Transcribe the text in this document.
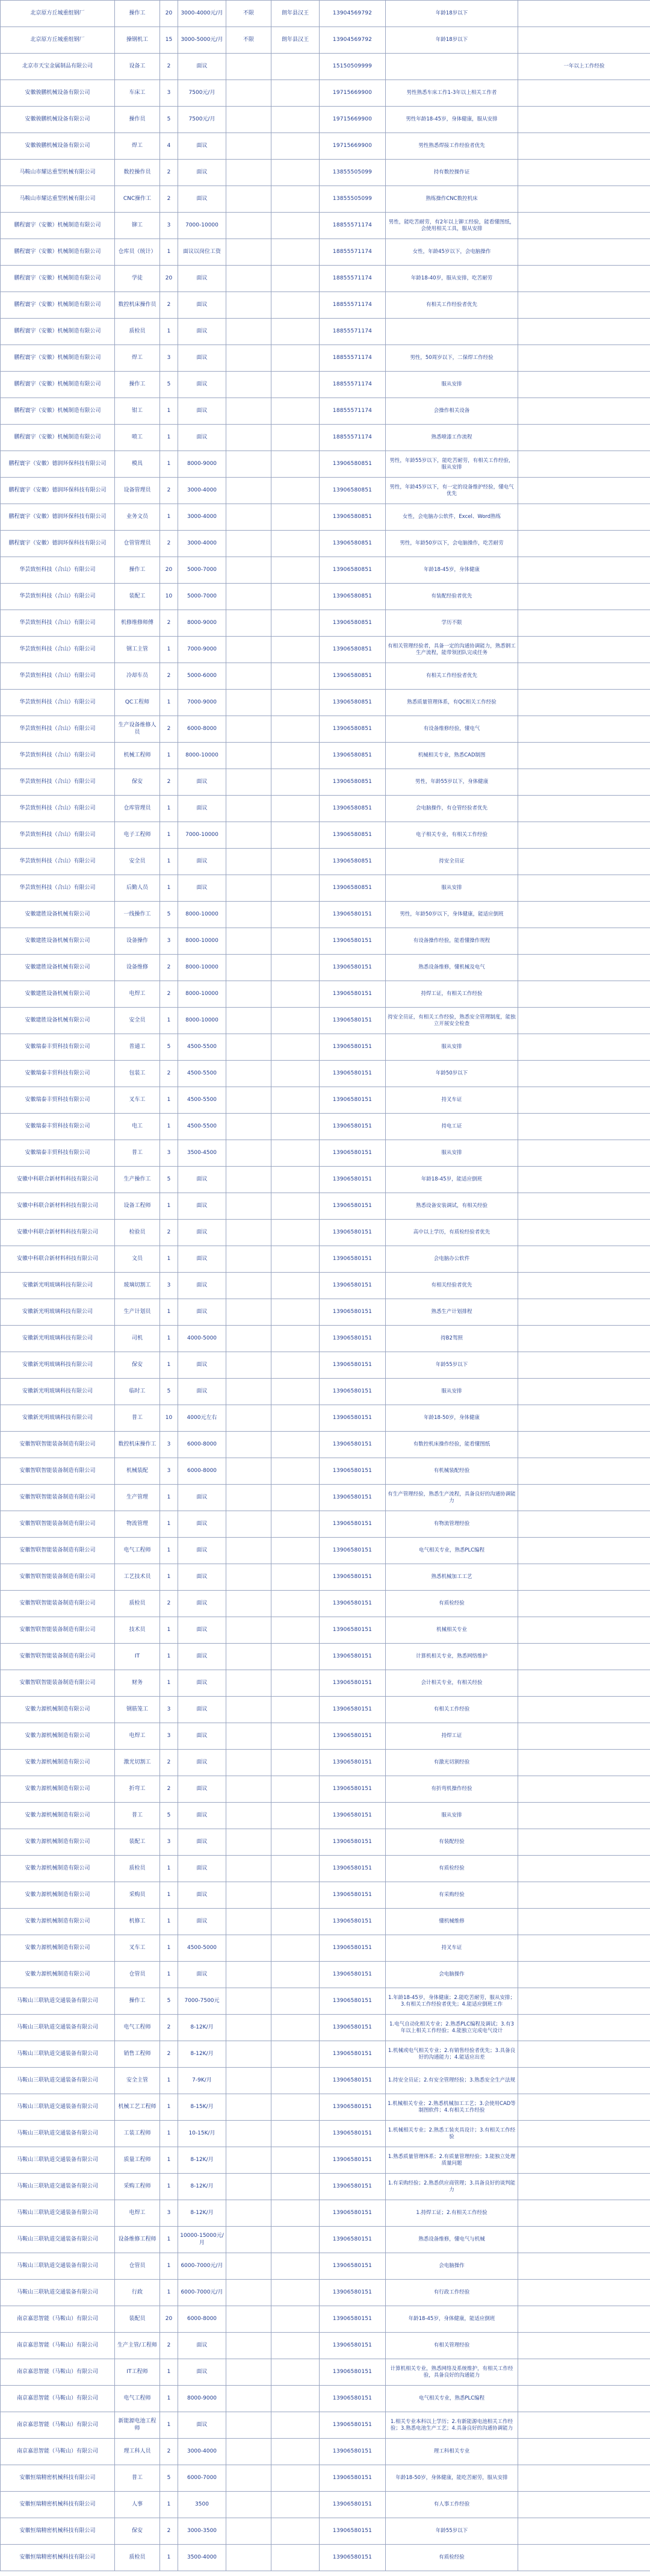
北京原方丘城重组钢厂	操作工	20	3000-4000元/月	不限	朗年县汉王	13904569792	年龄18岁以下	
北京原方丘城重组钢厂	操钢机工	15	3000-5000元/月	不限	朗年县汉王	13904569792	年龄18岁以下	
北京市天宝金属制品有限公司	设备工	2	面议			15150509999		一年以上工作经验
安徽骏鹏机械设备有限公司	车床工	3	7500元/月			19715669900	男性熟悉车床工作1-3年以上相关工作者	
安徽骏鹏机械设备有限公司	操作员	5	7500元/月			19715669900	男性年龄18-45岁，身体健康，服从安排	
安徽骏鹏机械设备有限公司	焊工	4	面议			19715669900	男性熟悉焊接工作经验者优先	
马鞍山市耀达重型机械有限公司	数控操作员	2	面议			13855505099	持有数控操作证	
马鞍山市耀达重型机械有限公司	CNC操作工	2	面议			13855505099	熟练操作CNC数控机床	
鹏程寰宇（安徽）机械制造有限公司	铆工	3	7000-10000			18855571174	男性，能吃苦耐劳，有2年以上铆工经验，能看懂图纸，会使用相关工具，服从安排	
鹏程寰宇（安徽）机械制造有限公司	仓库员（统计）	1	面议以岗位工资			18855571174	女性，年龄45岁以下，会电脑操作	
鹏程寰宇（安徽）机械制造有限公司	学徒	20	面议			18855571174	年龄18-40岁，服从安排，吃苦耐劳	
鹏程寰宇（安徽）机械制造有限公司	数控机床操作员	2	面议			18855571174	有相关工作经验者优先	
鹏程寰宇（安徽）机械制造有限公司	质检员	1	面议			18855571174		
鹏程寰宇（安徽）机械制造有限公司	焊工	3	面议			18855571174	男性，50周岁以下，二保焊工作经验	
鹏程寰宇（安徽）机械制造有限公司	操作工	5	面议			18855571174	服从安排	
鹏程寰宇（安徽）机械制造有限公司	钳工	1	面议			18855571174	会操作相关设备	
鹏程寰宇（安徽）机械制造有限公司	喷工	1	面议			18855571174	熟悉喷漆工作流程	
鹏程寰宇（安徽）德润环保科技有限公司	模具	1	8000-9000			13906580851	男性，年龄55岁以下，能吃苦耐劳，有相关工作经验，服从安排	
鹏程寰宇（安徽）德润环保科技有限公司	设备管理员	2	3000-4000			13906580851	男性，年龄45岁以下，有一定的设备维护经验，懂电气优先	
鹏程寰宇（安徽）德润环保科技有限公司	业务文员	1	3000-4000			13906580851	女性，会电脑办公软件，Excel、Word熟练	
鹏程寰宇（安徽）德润环保科技有限公司	仓管管理员	2	3000-4000			13906580851	男性，年龄50岁以下，会电脑操作，吃苦耐劳	
华芸致恒科技（合山）有限公司	操作工	20	5000-7000			13906580851	年龄18-45岁，身体健康	
华芸致恒科技（合山）有限公司	装配工	10	5000-7000			13906580851	有装配经验者优先	
华芸致恒科技（合山）有限公司	机修维修师傅	2	8000-9000			13906580851	学历不限	
华芸致恒科技（合山）有限公司	钢工主管	1	7000-9000			13906580851	有相关管理经验者，具备一定的沟通协调能力，熟悉钢工生产流程，能带领团队完成任务	
华芸致恒科技（合山）有限公司	冷却车员	2	5000-6000			13906580851	有相关工作经验者优先	
华芸致恒科技（合山）有限公司	QC工程师	1	7000-9000			13906580851	熟悉质量管理体系，有QC相关工作经验	
华芸致恒科技（合山）有限公司	生产设备维修人员	2	6000-8000			13906580851	有设备维修经验，懂电气	
华芸致恒科技（合山）有限公司	机械工程师	1	8000-10000			13906580851	机械相关专业，熟悉CAD制图	
华芸致恒科技（合山）有限公司	保安	2	面议			13906580851	男性，年龄55岁以下，身体健康	
华芸致恒科技（合山）有限公司	仓库管理员	1	面议			13906580851	会电脑操作，有仓管经验者优先	
华芸致恒科技（合山）有限公司	电子工程师	1	7000-10000			13906580851	电子相关专业，有相关工作经验	
华芸致恒科技（合山）有限公司	安全员	1	面议			13906580851	持安全员证	
华芸致恒科技（合山）有限公司	后勤人员	1	面议			13906580851	服从安排	
安徽建胜设备机械有限公司	一线操作工	5	8000-10000			13906580151	男性，年龄50岁以下，身体健康，能适应倒班	
安徽建胜设备机械有限公司	设备操作	3	8000-10000			13906580151	有设备操作经验，能看懂操作规程	
安徽建胜设备机械有限公司	设备维修	2	8000-10000			13906580151	熟悉设备维修，懂机械及电气	
安徽建胜设备机械有限公司	电焊工	2	8000-10000			13906580151	持焊工证，有相关工作经验	
安徽建胜设备机械有限公司	安全员	1	8000-10000			13906580151	持安全员证，有相关工作经验，熟悉安全管理制度，能独立开展安全检查	
安徽瑞泰丰贸科技有限公司	普通工	5	4500-5500			13906580151	服从安排	
安徽瑞泰丰贸科技有限公司	包装工	2	4500-5500			13906580151	年龄50岁以下	
安徽瑞泰丰贸科技有限公司	叉车工	1	4500-5500			13906580151	持叉车证	
安徽瑞泰丰贸科技有限公司	电工	1	4500-5500			13906580151	持电工证	
安徽瑞泰丰贸科技有限公司	普工	3	3500-4500			13906580151	服从安排	
安徽中科联合新材料科技有限公司	生产操作工	5	面议			13906580151	年龄18-45岁，能适应倒班	
安徽中科联合新材料科技有限公司	设备工程师	1	面议			13906580151	熟悉设备安装调试，有相关经验	
安徽中科联合新材料科技有限公司	检验员	2	面议			13906580151	高中以上学历，有质检经验者优先	
安徽中科联合新材料科技有限公司	文员	1	面议			13906580151	会电脑办公软件	
安徽新光明玻璃科技有限公司	玻璃切割工	3	面议			13906580151	有相关经验者优先	
安徽新光明玻璃科技有限公司	生产计划员	1	面议			13906580151	熟悉生产计划排程	
安徽新光明玻璃科技有限公司	司机	1	4000-5000			13906580151	持B2驾照	
安徽新光明玻璃科技有限公司	保安	1	面议			13906580151	年龄55岁以下	
安徽新光明玻璃科技有限公司	临时工	5	面议			13906580151	服从安排	
安徽新光明玻璃科技有限公司	普工	10	4000元左右			13906580151	年龄18-50岁，身体健康	
安徽智联智能装备制造有限公司	数控机床操作工	3	6000-8000			13906580151	有数控机床操作经验，能看懂图纸	
安徽智联智能装备制造有限公司	机械装配	3	6000-8000			13906580151	有机械装配经验	
安徽智联智能装备制造有限公司	生产管理	1	面议			13906580151	有生产管理经验，熟悉生产流程，具备良好的沟通协调能力	
安徽智联智能装备制造有限公司	物流管理	1	面议			13906580151	有物流管理经验	
安徽智联智能装备制造有限公司	电气工程师	1	面议			13906580151	电气相关专业，熟悉PLC编程	
安徽智联智能装备制造有限公司	工艺技术员	1	面议			13906580151	熟悉机械加工工艺	
安徽智联智能装备制造有限公司	质检员	2	面议			13906580151	有质检经验	
安徽智联智能装备制造有限公司	技术员	1	面议			13906580151	机械相关专业	
安徽智联智能装备制造有限公司	IT	1	面议			13906580151	计算机相关专业，熟悉网络维护	
安徽智联智能装备制造有限公司	财务	1	面议			13906580151	会计相关专业，有相关经验	
安徽力源机械制造有限公司	钢筋笼工	3	面议			13906580151	有相关工作经验	
安徽力源机械制造有限公司	电焊工	3	面议			13906580151	持焊工证	
安徽力源机械制造有限公司	激光切割工	2	面议			13906580151	有激光切割经验	
安徽力源机械制造有限公司	折弯工	2	面议			13906580151	有折弯机操作经验	
安徽力源机械制造有限公司	普工	5	面议			13906580151	服从安排	
安徽力源机械制造有限公司	装配工	3	面议			13906580151	有装配经验	
安徽力源机械制造有限公司	质检员	1	面议			13906580151	有质检经验	
安徽力源机械制造有限公司	采购员	1	面议			13906580151	有采购经验	
安徽力源机械制造有限公司	机修工	1	面议			13906580151	懂机械维修	
安徽力源机械制造有限公司	叉车工	1	4500-5000			13906580151	持叉车证	
安徽力源机械制造有限公司	仓管员	1	面议			13906580151	会电脑操作	
马鞍山三联轨道交通装备有限公司	操作工	5	7000-7500元			13906580151	1.年龄18-45岁，身体健康；2.能吃苦耐劳，服从安排；3.有相关工作经验者优先；4.能适应倒班工作	
马鞍山三联轨道交通装备有限公司	电气工程师	2	8-12K/月			13906580151	1.电气自动化相关专业；2.熟悉PLC编程及调试；3.有3年以上相关工作经验；4.能独立完成电气设计	
马鞍山三联轨道交通装备有限公司	销售工程师	2	8-12K/月			13906580151	1.机械或电气相关专业；2.有销售经验者优先；3.具备良好的沟通能力；4.能适应出差	
马鞍山三联轨道交通装备有限公司	安全主管	1	7-9K/月			13906580151	1.持安全员证；2.有安全管理经验；3.熟悉安全生产法规	
马鞍山三联轨道交通装备有限公司	机械工艺工程师	1	8-15K/月			13906580151	1.机械相关专业；2.熟悉机械加工工艺；3.会使用CAD等制图软件；4.有相关工作经验	
马鞍山三联轨道交通装备有限公司	工装工程师	1	10-15K/月			13906580151	1.机械相关专业；2.熟悉工装夹具设计；3.有相关工作经验	
马鞍山三联轨道交通装备有限公司	质量工程师	1	8-12K/月			13906580151	1.熟悉质量管理体系；2.有质量管理经验；3.能独立处理质量问题	
马鞍山三联轨道交通装备有限公司	采购工程师	1	8-12K/月			13906580151	1.有采购经验；2.熟悉供应商管理；3.具备良好的谈判能力	
马鞍山三联轨道交通装备有限公司	电焊工	3	8-12K/月			13906580151	1.持焊工证；2.有相关工作经验	
马鞍山三联轨道交通装备有限公司	设备维修工程师	1	10000-15000元/月			13906580151	熟悉设备维修，懂电气与机械	
马鞍山三联轨道交通装备有限公司	仓管员	1	6000-7000元/月			13906580151	会电脑操作	
马鞍山三联轨道交通装备有限公司	行政	1	6000-7000元/月			13906580151	有行政工作经验	
南京嘉思智能（马鞍山）有限公司	装配员	20	6000-8000			13906580151	年龄18-45岁，身体健康，能适应倒班	
南京嘉思智能（马鞍山）有限公司	生产主管/工程师	2	面议			13906580151	有相关管理经验	
南京嘉思智能（马鞍山）有限公司	IT工程师	1	面议			13906580151	计算机相关专业，熟悉网络及系统维护，有相关工作经验，具备良好的沟通能力	
南京嘉思智能（马鞍山）有限公司	电气工程师	1	8000-9000			13906580151	电气相关专业，熟悉PLC编程	
南京嘉思智能（马鞍山）有限公司	新能源电池工程师	1	面议			13906580151	1.相关专业本科以上学历；2.有新能源电池相关工作经验；3.熟悉电池生产工艺；4.具备良好的沟通协调能力	
南京嘉思智能（马鞍山）有限公司	理工科人员	2	3000-4000			13906580151	理工科相关专业	
安徽恒瑞精密机械科技有限公司	普工	5	6000-7000			13906580151	年龄18-50岁，身体健康，能吃苦耐劳，服从安排	
安徽恒瑞精密机械科技有限公司	人事	1	3500			13906580151	有人事工作经验	
安徽恒瑞精密机械科技有限公司	保安	2	3000-3500			13906580151	年龄55岁以下	
安徽恒瑞精密机械科技有限公司	质检员	1	3500-4000			13906580151	有质检经验	
